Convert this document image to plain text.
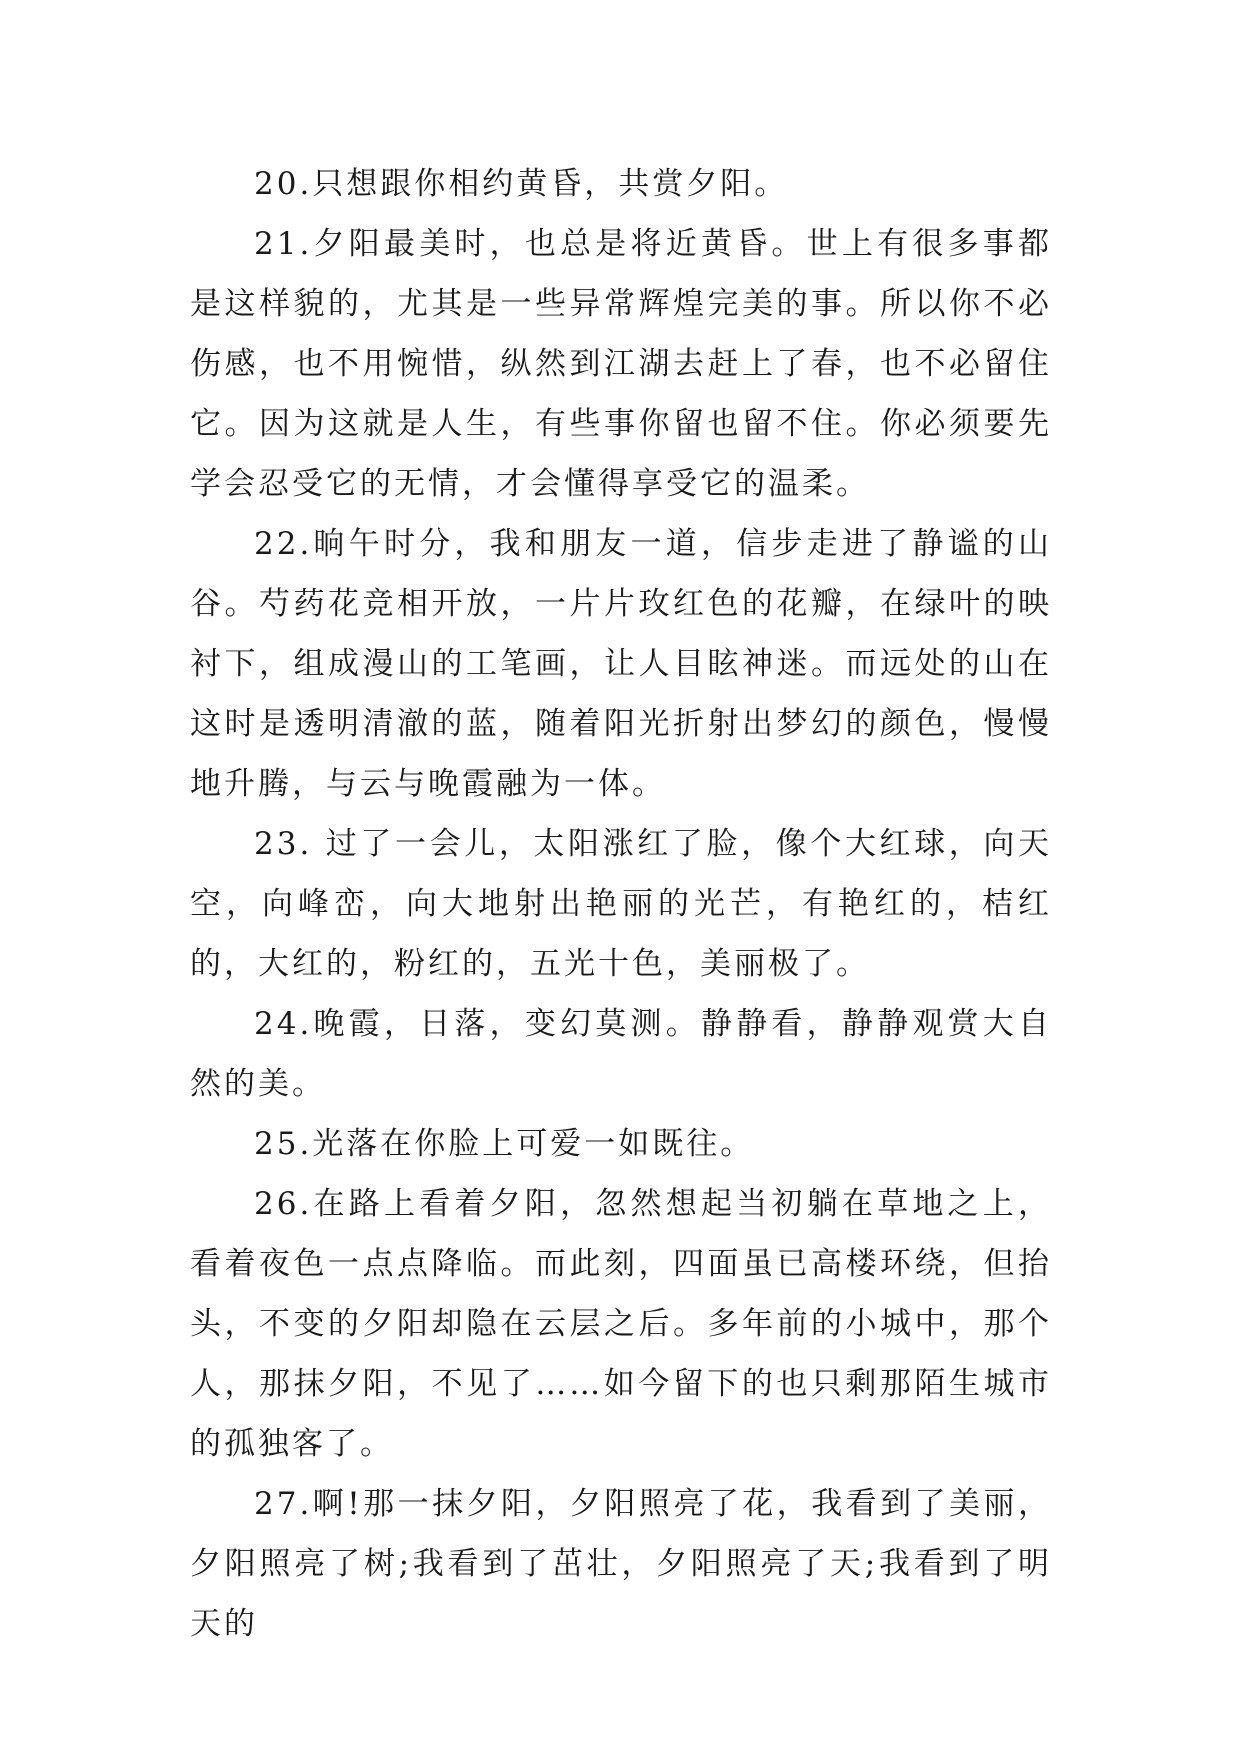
20.只想跟你相约黄昏，共赏夕阳。

21.夕阳最美时，也总是将近黄昏。世上有很多事都是这样貌的，尤其是一些异常辉煌完美的事。所以你不必伤感，也不用惋惜，纵然到江湖去赶上了春，也不必留住它。因为这就是人生，有些事你留也留不住。你必须要先学会忍受它的无情，才会懂得享受它的温柔。

22.晌午时分，我和朋友一道，信步走进了静谧的山谷。芍药花竞相开放，一片片玫红色的花瓣，在绿叶的映衬下，组成漫山的工笔画，让人目眩神迷。而远处的山在这时是透明清澈的蓝，随着阳光折射出梦幻的颜色，慢慢地升腾，与云与晚霞融为一体。

23. 过了一会儿，太阳涨红了脸，像个大红球，向天空，向峰峦，向大地射出艳丽的光芒，有艳红的，桔红的，大红的，粉红的，五光十色，美丽极了。

24.晚霞，日落，变幻莫测。静静看，静静观赏大自然的美。

25.光落在你脸上可爱一如既往。

26.在路上看着夕阳，忽然想起当初躺在草地之上，看着夜色一点点降临。而此刻，四面虽已高楼环绕，但抬头，不变的夕阳却隐在云层之后。多年前的小城中，那个人，那抹夕阳，不见了……如今留下的也只剩那陌生城市的孤独客了。

27.啊!那一抹夕阳，夕阳照亮了花，我看到了美丽，夕阳照亮了树;我看到了茁壮，夕阳照亮了天;我看到了明天的
